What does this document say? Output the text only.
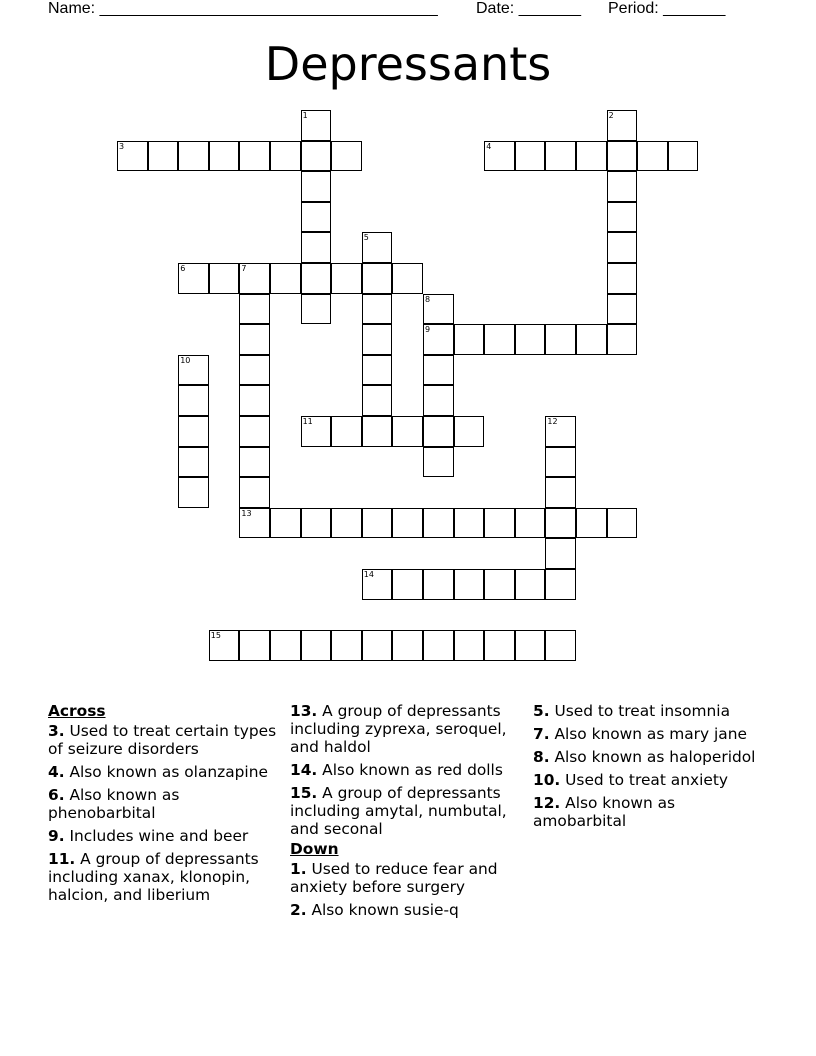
Name: ______________________________________ Date: _______ Period: _______
Depressants
1	2
3	4
5
6	7
13
8
9
10
11	12
14
15
Across
3. Used to treat certain types of seizure disorders
4. Also known as olanzapine
6. Also known as phenobarbital
9. Includes wine and beer
11. A group of depressants including xanax, klonopin, halcion, and liberium
13. A group of depressants including zyprexa, seroquel, and haldol
14. Also known as red dolls
15. A group of depressants including amytal, numbutal, and seconal
Down
1. Used to reduce fear and anxiety before surgery
2. Also known susie-q
5. Used to treat insomnia
7. Also known as mary jane
8. Also known as haloperidol
10. Used to treat anxiety
12. Also known as amobarbital
